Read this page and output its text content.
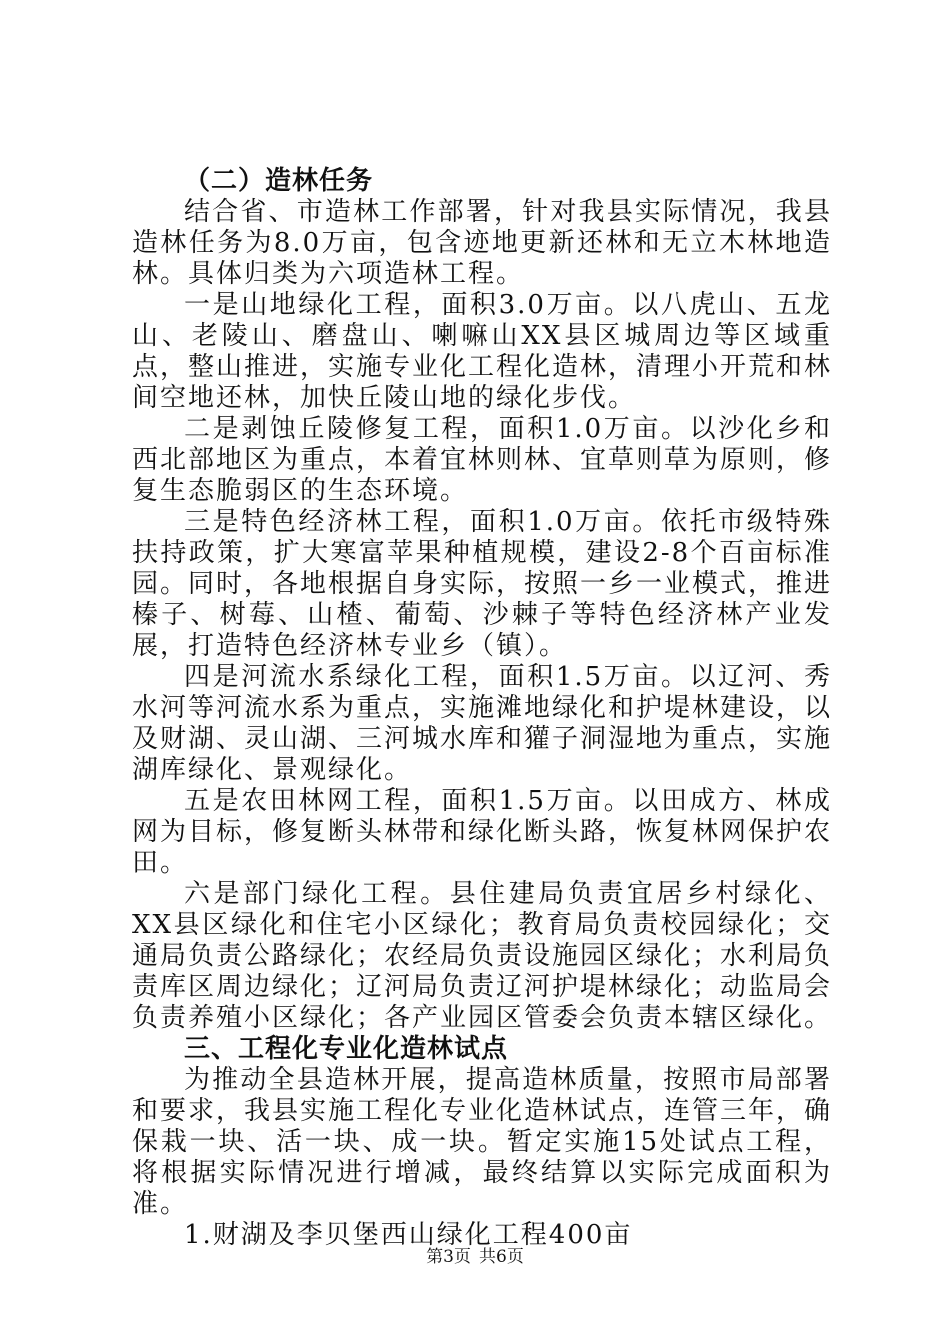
（二）造林任务

结合省、市造林工作部署，针对我县实际情况，我县造林任务为8.0万亩，包含迹地更新还林和无立木林地造林。具体归类为六项造林工程。

一是山地绿化工程，面积3.0万亩。以八虎山、五龙山、老陵山、磨盘山、喇嘛山XX县区城周边等区域重点，整山推进，实施专业化工程化造林，清理小开荒和林间空地还林，加快丘陵山地的绿化步伐。

二是剥蚀丘陵修复工程，面积1.0万亩。以沙化乡和西北部地区为重点，本着宜林则林、宜草则草为原则，修复生态脆弱区的生态环境。

三是特色经济林工程，面积1.0万亩。依托市级特殊扶持政策，扩大寒富苹果种植规模，建设2-8个百亩标准园。同时，各地根据自身实际，按照一乡一业模式，推进榛子、树莓、山楂、葡萄、沙棘子等特色经济林产业发展，打造特色经济林专业乡（镇）。

四是河流水系绿化工程，面积1.5万亩。以辽河、秀水河等河流水系为重点，实施滩地绿化和护堤林建设，以及财湖、灵山湖、三河城水库和獾子洞湿地为重点，实施湖库绿化、景观绿化。

五是农田林网工程，面积1.5万亩。以田成方、林成网为目标，修复断头林带和绿化断头路，恢复林网保护农田。

六是部门绿化工程。县住建局负责宜居乡村绿化、XX县区绿化和住宅小区绿化；教育局负责校园绿化；交通局负责公路绿化；农经局负责设施园区绿化；水利局负责库区周边绿化；辽河局负责辽河护堤林绿化；动监局会负责养殖小区绿化；各产业园区管委会负责本辖区绿化。

三、工程化专业化造林试点

为推动全县造林开展，提高造林质量，按照市局部署和要求，我县实施工程化专业化造林试点，连管三年，确保栽一块、活一块、成一块。暂定实施15处试点工程，将根据实际情况进行增减，最终结算以实际完成面积为准。

1.财湖及李贝堡西山绿化工程400亩

第3页 共6页
